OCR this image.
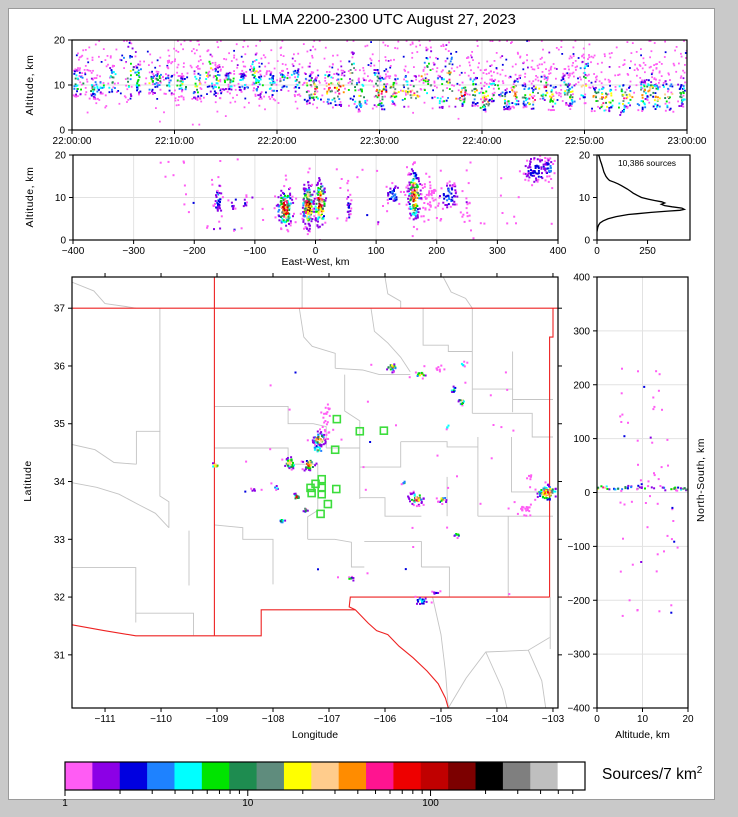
LL LMA 2200-2300 UTC August 27, 2023
Altitude, km
Altitude, km
East-West, km
10,386 sources
Latitude
Longitude
North-South, km
Altitude, km
Sources/7 $km^2$
22:00:00	22:10:00	22:20:00	22:30:00	22:40:00	22:50:00	23:00:00
0
10
20
−400	−300	−200	−100	0	100	200	300	400
0
10
20
0	250
0
10
20
−111	−110	−109	−108	−107	−106	−105	−104	−103
31
32
33
34
35
36
37
0	10	20
400
300
200
100
0
−100
−200
−300
−400
1	10	100
